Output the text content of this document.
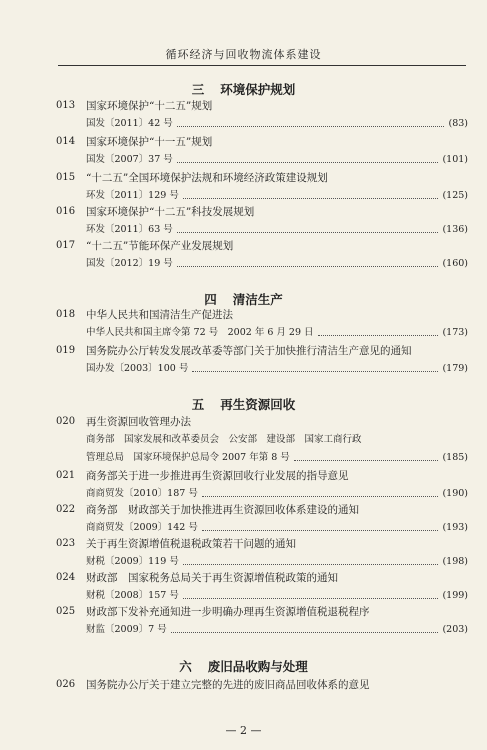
循环经济与回收物流体系建设
三 环境保护规划
013	国家环境保护“十二五”规划
国发〔2011〕42 号	(83)
014	国家环境保护“十一五”规划
国发〔2007〕37 号	(101)
015	“十二五”全国环境保护法规和环境经济政策建设规划
环发〔2011〕129 号	(125)
016	国家环境保护“十二五”科技发展规划
环发〔2011〕63 号	(136)
017	“十二五”节能环保产业发展规划
国发〔2012〕19 号	(160)
四 清洁生产
018	中华人民共和国清洁生产促进法
中华人民共和国主席令第 72 号　2002 年 6 月 29 日	(173)
019	国务院办公厅转发发展改革委等部门关于加快推行清洁生产意见的通知
国办发〔2003〕100 号	(179)
五 再生资源回收
020	再生资源回收管理办法
商务部　国家发展和改革委员会　公安部　建设部　国家工商行政
管理总局　国家环境保护总局令 2007 年第 8 号	(185)
021	商务部关于进一步推进再生资源回收行业发展的指导意见
商商贸发〔2010〕187 号	(190)
022	商务部　财政部关于加快推进再生资源回收体系建设的通知
商商贸发〔2009〕142 号	(193)
023	关于再生资源增值税退税政策若干问题的通知
财税〔2009〕119 号	(198)
024	财政部　国家税务总局关于再生资源增值税政策的通知
财税〔2008〕157 号	(199)
025	财政部下发补充通知进一步明确办理再生资源增值税退税程序
财监〔2009〕7 号	(203)
六 废旧品收购与处理
026	国务院办公厅关于建立完整的先进的废旧商品回收体系的意见
— 2 —
